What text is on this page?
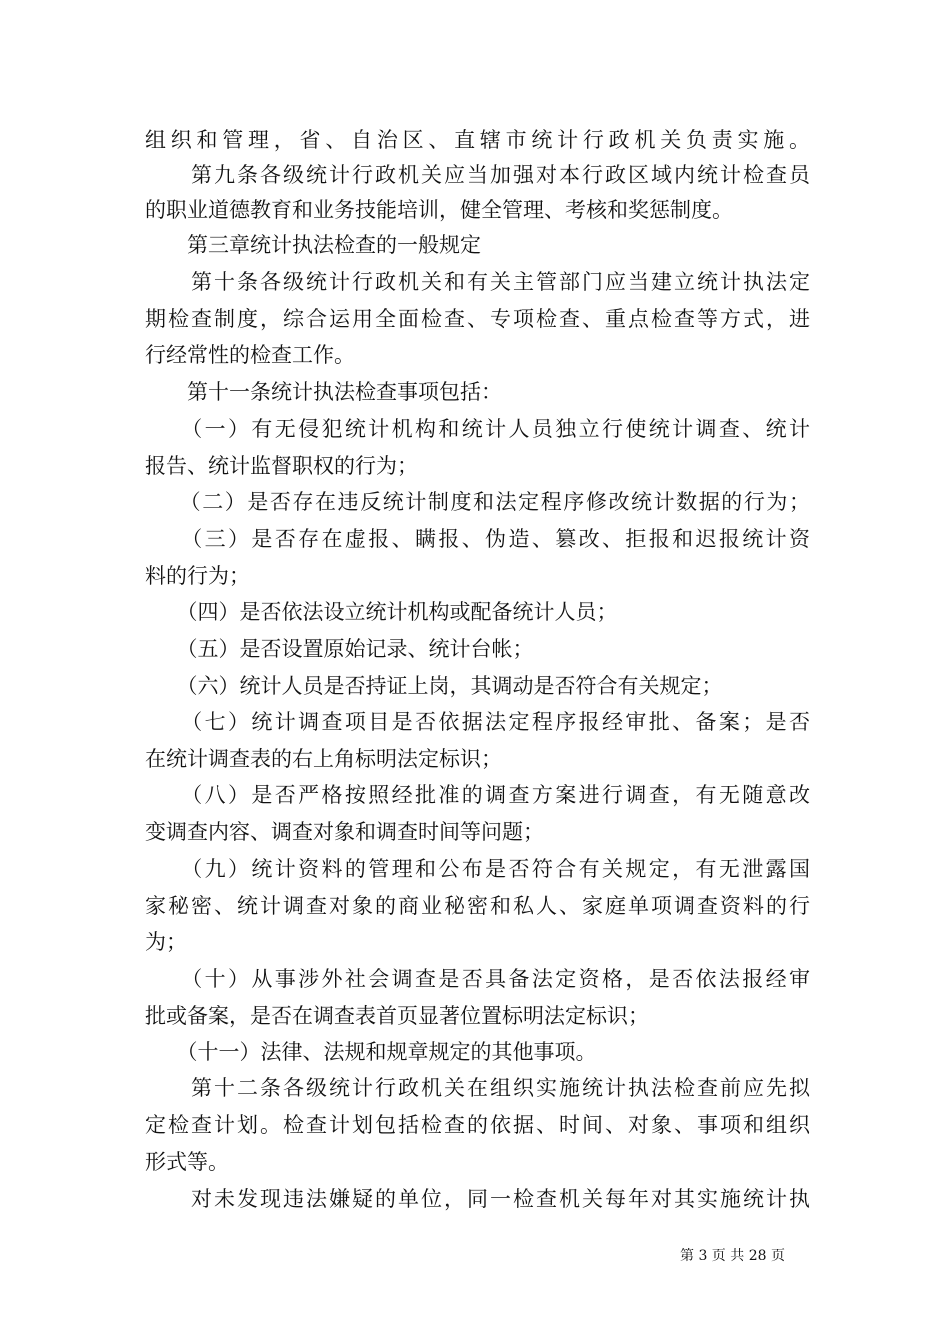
组织和管理，省、自治区、直辖市统计行政机关负责实施。
　　第九条各级统计行政机关应当加强对本行政区域内统计检查员
的职业道德教育和业务技能培训，健全管理、考核和奖惩制度。
　　第三章统计执法检查的一般规定
　　第十条各级统计行政机关和有关主管部门应当建立统计执法定
期检查制度，综合运用全面检查、专项检查、重点检查等方式，进
行经常性的检查工作。
　　第十一条统计执法检查事项包括：
　　（一）有无侵犯统计机构和统计人员独立行使统计调查、统计
报告、统计监督职权的行为；
　　（二）是否存在违反统计制度和法定程序修改统计数据的行为；
　　（三）是否存在虚报、瞒报、伪造、篡改、拒报和迟报统计资
料的行为；
　　（四）是否依法设立统计机构或配备统计人员；
　　（五）是否设置原始记录、统计台帐；
　　（六）统计人员是否持证上岗，其调动是否符合有关规定；
　　（七）统计调查项目是否依据法定程序报经审批、备案；是否
在统计调查表的右上角标明法定标识；
　　（八）是否严格按照经批准的调查方案进行调查，有无随意改
变调查内容、调查对象和调查时间等问题；
　　（九）统计资料的管理和公布是否符合有关规定，有无泄露国
家秘密、统计调查对象的商业秘密和私人、家庭单项调查资料的行
为；
　　（十）从事涉外社会调查是否具备法定资格，是否依法报经审
批或备案，是否在调查表首页显著位置标明法定标识；
　　（十一）法律、法规和规章规定的其他事项。
　　第十二条各级统计行政机关在组织实施统计执法检查前应先拟
定检查计划。检查计划包括检查的依据、时间、对象、事项和组织
形式等。
　　对未发现违法嫌疑的单位，同一检查机关每年对其实施统计执
第 3 页 共 28 页
